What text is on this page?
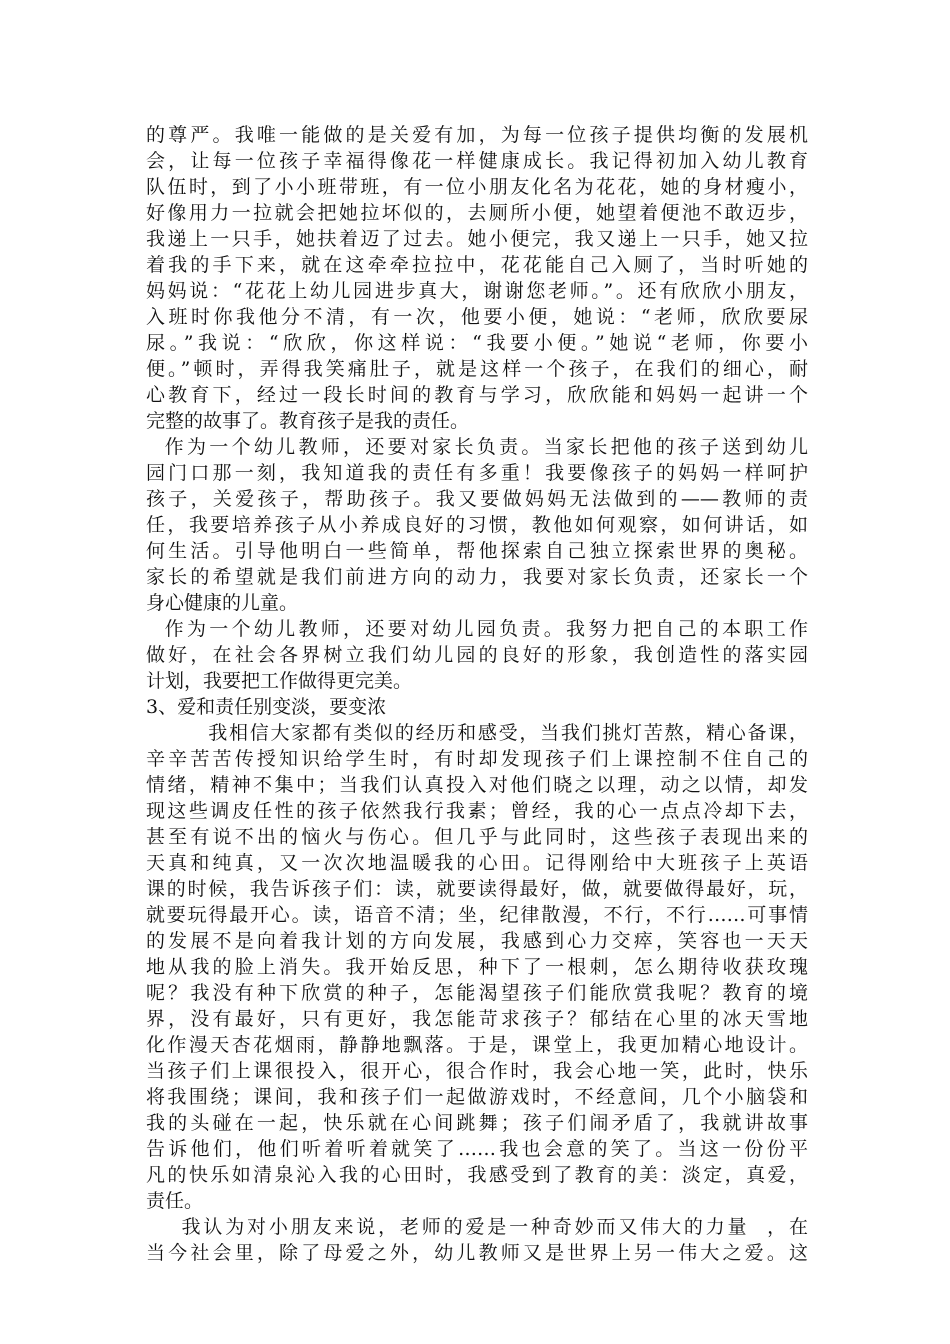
的尊严。我唯一能做的是关爱有加，为每一位孩子提供均衡的发展机
会，让每一位孩子幸福得像花一样健康成长。我记得初加入幼儿教育
队伍时，到了小小班带班，有一位小朋友化名为花花，她的身材瘦小，
好像用力一拉就会把她拉坏似的，去厕所小便，她望着便池不敢迈步，
我递上一只手，她扶着迈了过去。她小便完，我又递上一只手，她又拉
着我的手下来，就在这牵牵拉拉中，花花能自己入厕了，当时听她的
妈妈说：“花花上幼儿园进步真大，谢谢您老师。”。还有欣欣小朋友，
入班时你我他分不清，有一次，他要小便，她说：“老师，欣欣要尿
尿。”我说：“欣欣，你这样说：“我要小便。”她说“老师，你要小
便。”顿时，弄得我笑痛肚子，就是这样一个孩子，在我们的细心，耐
心教育下，经过一段长时间的教育与学习，欣欣能和妈妈一起讲一个
完整的故事了。教育孩子是我的责任。
作为一个幼儿教师，还要对家长负责。当家长把他的孩子送到幼儿
园门口那一刻，我知道我的责任有多重！我要像孩子的妈妈一样呵护
孩子，关爱孩子，帮助孩子。我又要做妈妈无法做到的——教师的责
任，我要培养孩子从小养成良好的习惯，教他如何观察，如何讲话，如
何生活。引导他明白一些简单，帮他探索自己独立探索世界的奥秘。
家长的希望就是我们前进方向的动力，我要对家长负责，还家长一个
身心健康的儿童。
作为一个幼儿教师，还要对幼儿园负责。我努力把自己的本职工作
做好，在社会各界树立我们幼儿园的良好的形象，我创造性的落实园
计划，我要把工作做得更完美。
3、爱和责任别变淡，要变浓
我相信大家都有类似的经历和感受，当我们挑灯苦熬，精心备课，
辛辛苦苦传授知识给学生时，有时却发现孩子们上课控制不住自己的
情绪，精神不集中；当我们认真投入对他们晓之以理，动之以情，却发
现这些调皮任性的孩子依然我行我素；曾经，我的心一点点冷却下去，
甚至有说不出的恼火与伤心。但几乎与此同时，这些孩子表现出来的
天真和纯真，又一次次地温暖我的心田。记得刚给中大班孩子上英语
课的时候，我告诉孩子们：读，就要读得最好，做，就要做得最好，玩，
就要玩得最开心。读，语音不清；坐，纪律散漫，不行，不行……可事情
的发展不是向着我计划的方向发展，我感到心力交瘁，笑容也一天天
地从我的脸上消失。我开始反思，种下了一根刺，怎么期待收获玫瑰
呢？我没有种下欣赏的种子，怎能渴望孩子们能欣赏我呢？教育的境
界，没有最好，只有更好，我怎能苛求孩子？郁结在心里的冰天雪地
化作漫天杏花烟雨，静静地飘落。于是，课堂上，我更加精心地设计。
当孩子们上课很投入，很开心，很合作时，我会心地一笑，此时，快乐
将我围绕；课间，我和孩子们一起做游戏时，不经意间，几个小脑袋和
我的头碰在一起，快乐就在心间跳舞；孩子们闹矛盾了，我就讲故事
告诉他们，他们听着听着就笑了……我也会意的笑了。当这一份份平
凡的快乐如清泉沁入我的心田时，我感受到了教育的美：淡定，真爱，
责任。
我认为对小朋友来说，老师的爱是一种奇妙而又伟大的力量  ，在
当今社会里，除了母爱之外，幼儿教师又是世界上另一伟大之爱。这
